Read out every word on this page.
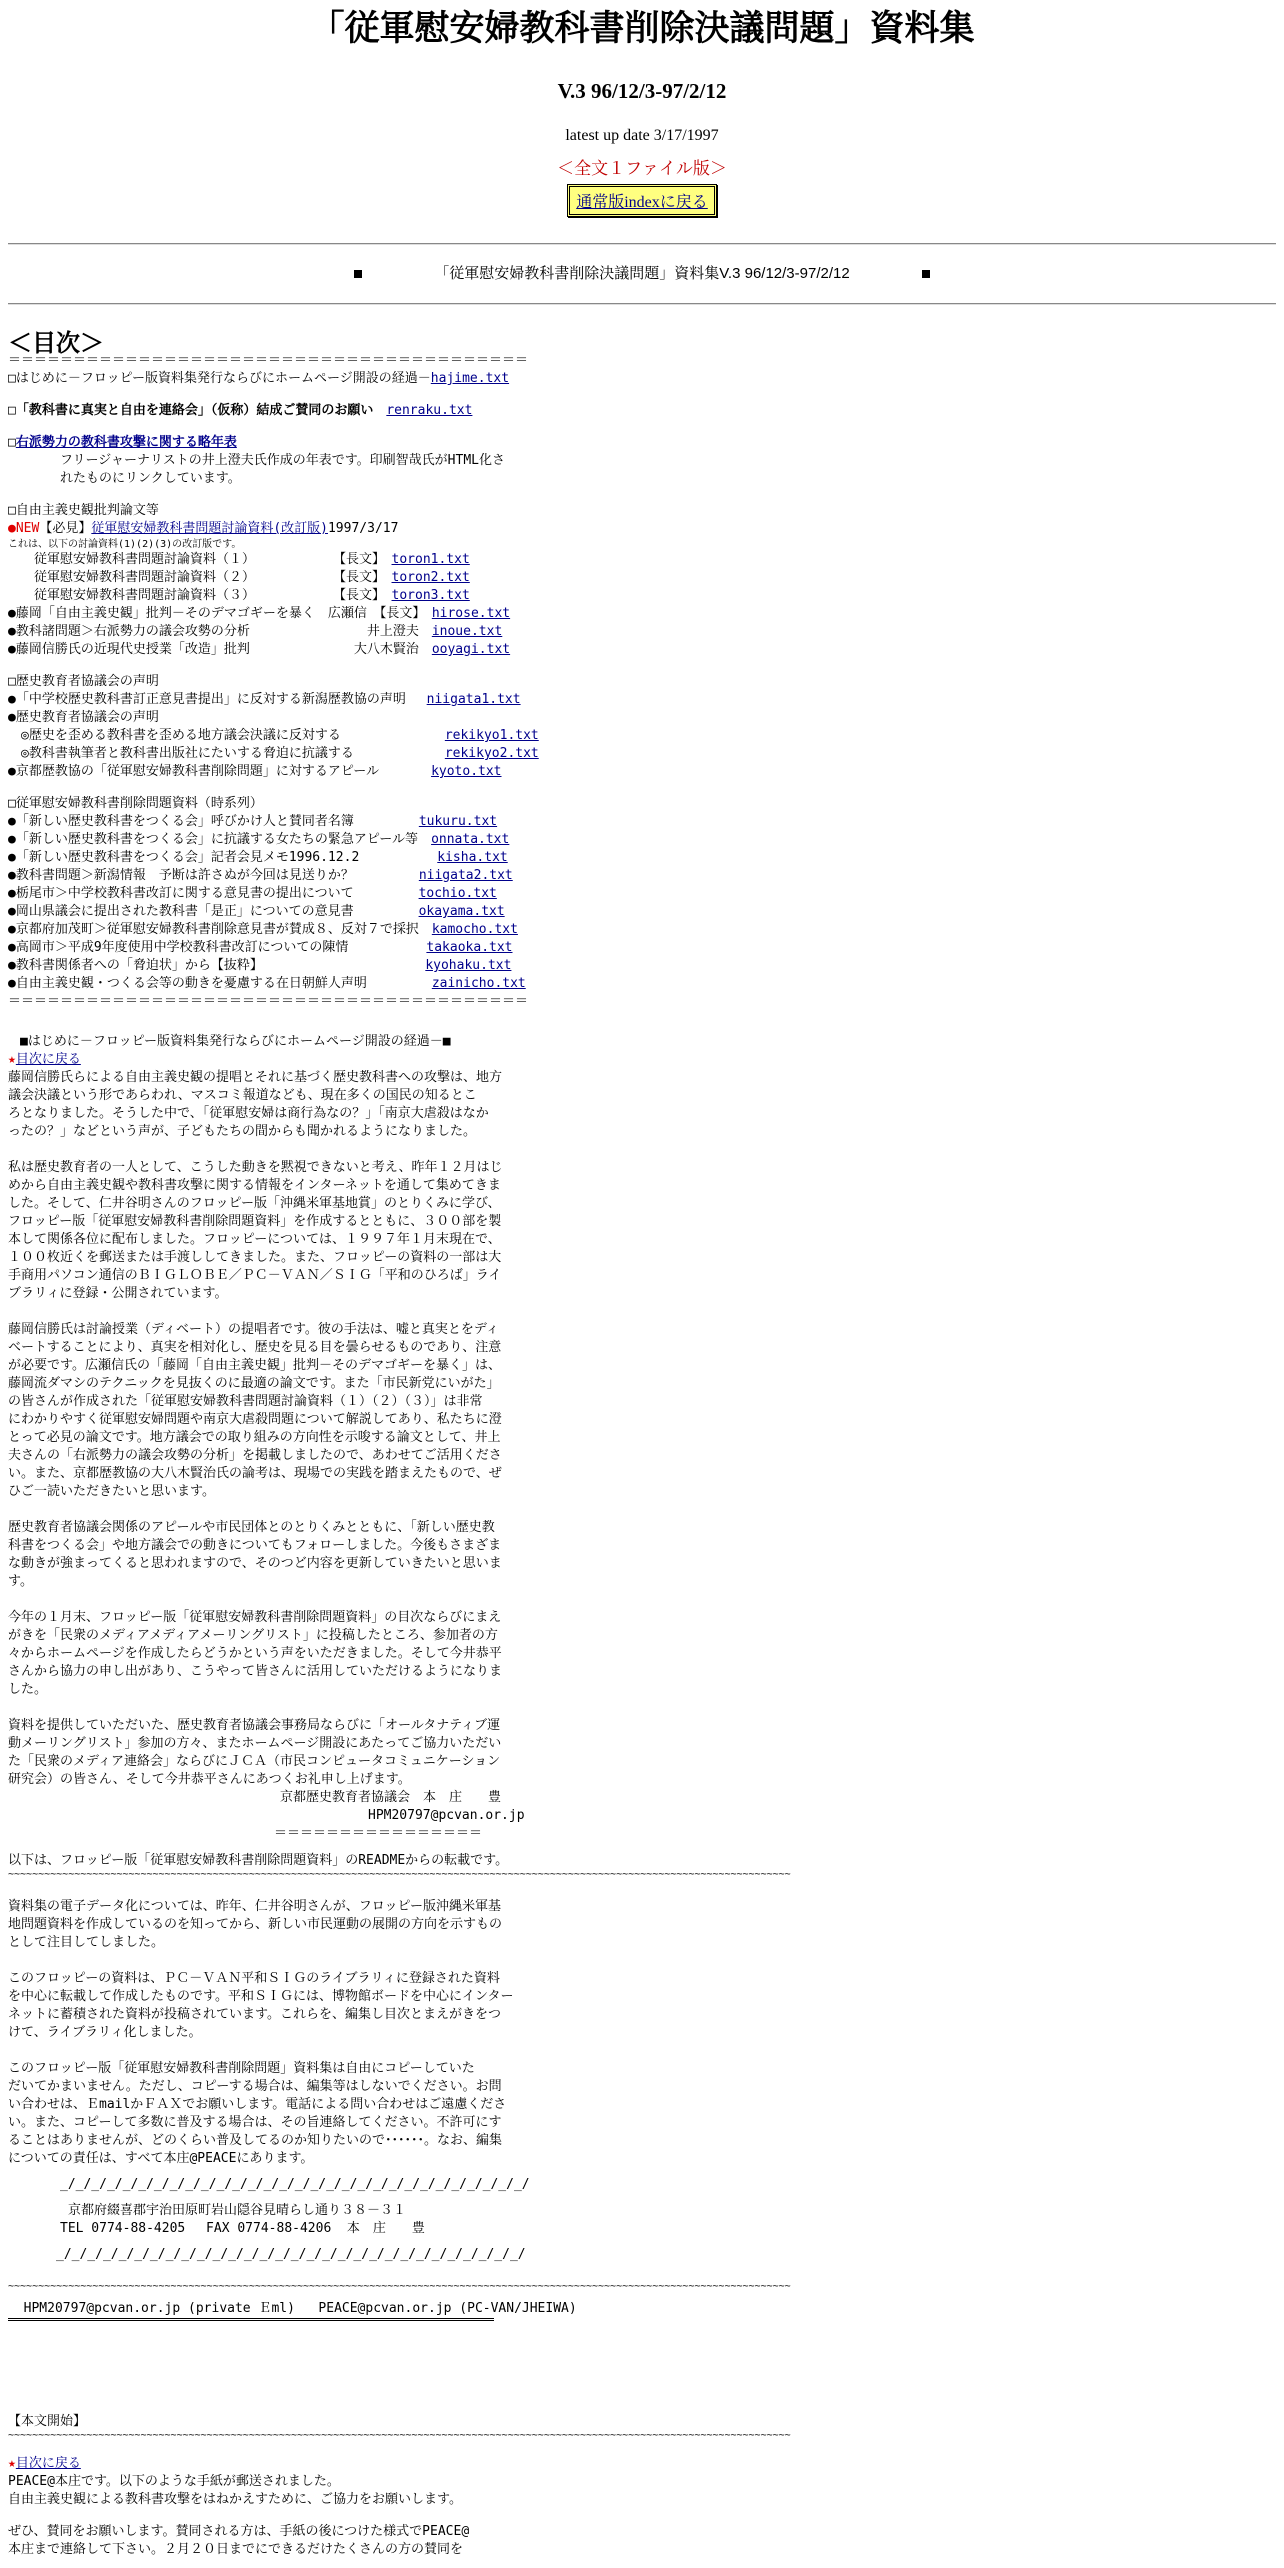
「従軍慰安婦教科書削除決議問題」資料集
V.3 96/12/3-97/2/12
latest up date 3/17/1997
＜全文１ファイル版＞
通常版indexに戻る
「従軍慰安婦教科書削除決議問題」資料集V.3 96/12/3-97/2/12
＜目次＞
＝＝＝＝＝＝＝＝＝＝＝＝＝＝＝＝＝＝＝＝＝＝＝＝＝＝＝＝＝＝＝＝＝＝＝＝＝＝＝＝
□はじめに－フロッピー版資料集発行ならびにホームページ開設の経過－hajime.txt
□「教科書に真実と自由を連絡会」（仮称）結成ご賛同のお願い　renraku.txt
□右派勢力の教科書攻撃に関する略年表
　　　　フリージャーナリストの井上澄夫氏作成の年表です。印刷智哉氏がHTML化さ
　　　　れたものにリンクしています。
□自由主義史観批判論文等
●NEW【必見】従軍慰安婦教科書問題討論資料(改訂版)1997/3/17
これは、以下の討論資料(1)(2)(3)の改訂版です。
　　従軍慰安婦教科書問題討論資料（１）　　　　　　　【長文】　toron1.txt
　　従軍慰安婦教科書問題討論資料（２）　　　　　　　【長文】　toron2.txt
　　従軍慰安婦教科書問題討論資料（３）　　　　　　　【長文】　toron3.txt
●藤岡「自由主義史観」批判－そのデマゴギーを暴く　広瀬信　【長文】　hirose.txt
●教科諸問題＞右派勢力の議会攻勢の分析　　　　　　　　　井上澄夫　inoue.txt
●藤岡信勝氏の近現代史授業「改造」批判　　　　　　　　大八木賢治　ooyagi.txt
□歴史教育者協議会の声明
●「中学校歴史教科書訂正意見書提出」に反対する新潟歴教協の声明　 niigata1.txt
●歴史教育者協議会の声明
　◎歴史を歪める教科書を歪める地方議会決議に反対する　　　　　　　　rekikyo1.txt
　◎教科書執筆者と教科書出版社にたいする脅迫に抗議する　　　　　　　rekikyo2.txt
●京都歴教協の「従軍慰安婦教科書削除問題」に対するアピール　　　　kyoto.txt
□従軍慰安婦教科書削除問題資料（時系列）
●「新しい歴史教科書をつくる会」呼びかけ人と賛同者名簿　　　　　tukuru.txt
●「新しい歴史教科書をつくる会」に抗議する女たちの緊急アピール等　onnata.txt
●「新しい歴史教科書をつくる会」記者会見メモ1996.12.2　　　　　　kisha.txt
●教科書問題＞新潟情報　予断は許さぬが今回は見送りか？　　　　　niigata2.txt
●栃尾市＞中学校教科書改訂に関する意見書の提出について　　　　　tochio.txt
●岡山県議会に提出された教科書「是正」についての意見書　　　　　okayama.txt
●京都府加茂町＞従軍慰安婦教科書削除意見書が賛成８、反対７で採択　kamocho.txt
●高岡市＞平成9年度使用中学校教科書改訂についての陳情　　　　　　takaoka.txt
●教科書関係者への「脅迫状」から【抜粋】　　　　　　　　　　　　　kyohaku.txt
●自由主義史観・つくる会等の動きを憂慮する在日朝鮮人声明　　　　　zainicho.txt
＝＝＝＝＝＝＝＝＝＝＝＝＝＝＝＝＝＝＝＝＝＝＝＝＝＝＝＝＝＝＝＝＝＝＝＝＝＝＝＝
■はじめに－フロッピー版資料集発行ならびにホームページ開設の経過－■
★目次に戻る
藤岡信勝氏らによる自由主義史観の提唱とそれに基づく歴史教科書への攻撃は、地方
議会決議という形であらわれ、マスコミ報道なども、現在多くの国民の知るとこ
ろとなりました。そうした中で、「従軍慰安婦は商行為なの？」「南京大虐殺はなか
ったの？」などという声が、子どもたちの間からも聞かれるようになりました。
私は歴史教育者の一人として、こうした動きを黙視できないと考え、昨年１２月はじ
めから自由主義史観や教科書攻撃に関する情報をインターネットを通して集めてきま
した。そして、仁井谷明さんのフロッピー版「沖縄米軍基地賞」のとりくみに学び、
フロッピー版「従軍慰安婦教科書削除問題資料」を作成するとともに、３００部を製
本して関係各位に配布しました。フロッピーについては、１９９７年１月末現在で、
１００枚近くを郵送または手渡ししてきました。また、フロッピーの資料の一部は大
手商用パソコン通信のＢＩＧＬＯＢＥ／ＰＣ－ＶＡＮ／ＳＩＧ「平和のひろば」ライ
ブラリィに登録・公開されています。
藤岡信勝氏は討論授業（ディベート）の提唱者です。彼の手法は、嘘と真実とをディ
ベートすることにより、真実を相対化し、歴史を見る目を曇らせるものであり、注意
が必要です。広瀬信氏の「藤岡「自由主義史観」批判－そのデマゴギーを暴く」は、
藤岡流ダマシのテクニックを見抜くのに最適の論文です。また「市民新党にいがた」
の皆さんが作成された「従軍慰安婦教科書問題討論資料（１）（２）（３）」は非常
にわかりやすく従軍慰安婦問題や南京大虐殺問題について解説してあり、私たちに澄
とって必見の論文です。地方議会での取り組みの方向性を示唆する論文として、井上
夫さんの「右派勢力の議会攻勢の分析」を掲載しましたので、あわせてご活用くださ
い。また、京都歴教協の大八木賢治氏の論考は、現場での実践を踏まえたもので、ぜ
ひご一読いただきたいと思います。
歴史教育者協議会関係のアピールや市民団体とのとりくみとともに、「新しい歴史教
科書をつくる会」や地方議会での動きについてもフォローしました。今後もさまざま
な動きが強まってくると思われますので、そのつど内容を更新していきたいと思いま
す。
今年の１月末、フロッピー版「従軍慰安婦教科書削除問題資料」の目次ならびにまえ
がきを「民衆のメディアメディアメーリングリスト」に投稿したところ、参加者の方
々からホームページを作成したらどうかという声をいただきました。そして今井恭平
さんから協力の申し出があり、こうやって皆さんに活用していただけるようになりま
した。
資料を提供していただいた、歴史教育者協議会事務局ならびに「オールタナティブ運
動メーリングリスト」参加の方々、またホームページ開設にあたってご協力いただい
た「民衆のメディア連絡会」ならびにＪＣＡ（市民コンピュータコミュニケーション
研究会）の皆さん、そして今井恭平さんにあつくお礼申し上げます。
京都歴史教育者協議会　本　庄　　豊
HPM20797@pcvan.or.jp
＝＝＝＝＝＝＝＝＝＝＝＝＝＝＝＝
以下は、フロッピー版「従軍慰安婦教科書削除問題資料」のREADMEからの転載です。
~~~~~~~~~~~~~~~~~~~~~~~~~~~~~~~~~~~~~~~~~~~~~~~~~~~~~~~~~~~~~~~~~~~~~~~~~~~~~~~~~~~~~~~~~~~~~~~~~~~~~~~~~~~~~~~~~~~~~~~~~~~~~~~~~~
資料集の電子データ化については、昨年、仁井谷明さんが、フロッピー版沖縄米軍基
地問題資料を作成しているのを知ってから、新しい市民運動の展開の方向を示すもの
として注目してしました。
このフロッピーの資料は、ＰＣ－ＶＡＮ平和ＳＩＧのライブラリィに登録された資料
を中心に転載して作成したものです。平和ＳＩＧには、博物館ボードを中心にインター
ネットに蓄積された資料が投稿されています。これらを、編集し目次とまえがきをつ
けて、ライブラリィ化しました。
このフロッピー版「従軍慰安婦教科書削除問題」資料集は自由にコピーしていた
だいてかまいません。ただし、コピーする場合は、編集等はしないでください。お問
い合わせは、ＥmailかＦＡＸでお願いします。電話による問い合わせはご遠慮くださ
い。また、コピーして多数に普及する場合は、その旨連絡してください。不許可にす
ることはありませんが、どのくらい普及してるのか知りたいので･･････。なお、編集
についての責任は、すべて本庄@PEACEにあります。
_/_/_/_/_/_/_/_/_/_/_/_/_/_/_/_/_/_/_/_/_/_/_/_/_/_/_/_/_/_/
京都府綴喜郡宇治田原町岩山隠谷見晴らし通り３８－３１
TEL 0774-88-4205　 FAX 0774-88-4206  本　庄　　豊
_/_/_/_/_/_/_/_/_/_/_/_/_/_/_/_/_/_/_/_/_/_/_/_/_/_/_/_/_/_/
~~~~~~~~~~~~~~~~~~~~~~~~~~~~~~~~~~~~~~~~~~~~~~~~~~~~~~~~~~~~~~~~~~~~~~~~~~~~~~~~~~~~~~~~~~~~~~~~~~~~~~~~~~~~~~~~~~~~~~~~~~~~~~~~~~
HPM20797@pcvan.or.jp (private Ｅml)   PEACE@pcvan.or.jp (PC-VAN/JHEIWA)
【本文開始】
~~~~~~~~~~~~~~~~~~~~~~~~~~~~~~~~~~~~~~~~~~~~~~~~~~~~~~~~~~~~~~~~~~~~~~~~~~~~~~~~~~~~~~~~~~~~~~~~~~~~~~~~~~~~~~~~~~~~~~~~~~~~~~~~~~
★目次に戻る
PEACE@本庄です。以下のような手紙が郵送されました。
自由主義史観による教科書攻撃をはねかえすために、ご協力をお願いします。
ぜひ、賛同をお願いします。賛同される方は、手紙の後につけた様式でPEACE@
本庄まで連絡して下さい。２月２０日までにできるだけたくさんの方の賛同を
